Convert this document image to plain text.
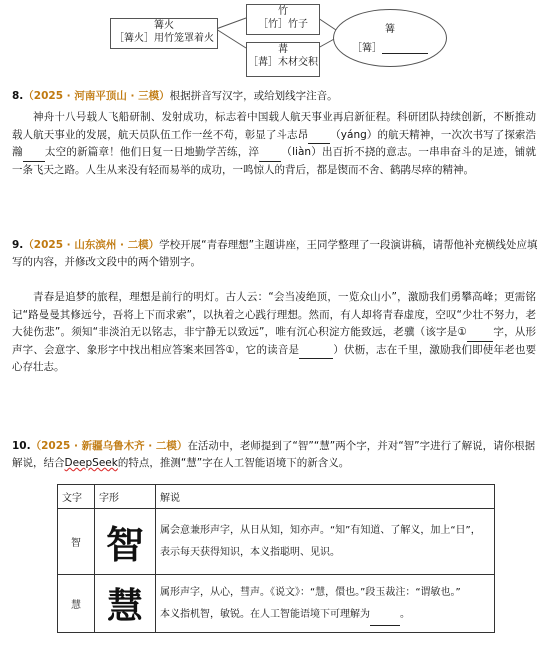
篝火
［篝火］用竹笼罩着火
竹
［竹］竹子
冓
［冓］木材交积
篝
［篝］
8.（2025 · 河南平顶山 · 三模）根据拼音写汉字，或给划线字注音。
神舟十八号载人飞船研制、发射成功，标志着中国载人航天事业再启新征程。科研团队持续创新，不断推动载人航天事业的发展，航天员队伍工作一丝不苟，彰显了斗志昂 （yáng）的航天精神，一次次书写了探索浩瀚 太空的新篇章！他们日复一日地勤学苦练，淬 （liàn）出百折不挠的意志。一串串奋斗的足迹，铺就一条飞天之路。人生从来没有轻而易举的成功，一鸣惊人的背后，都是锲而不舍、鹤鹃尽瘁的精神。
9.（2025 · 山东滨州 · 二模）学校开展“青春理想”主题讲座，王同学整理了一段演讲稿，请帮他补充横线处应填写的内容，并修改文段中的两个错别字。
青春是追梦的旅程，理想是前行的明灯。古人云：“会当凌绝顶，一览众山小”，激励我们勇攀高峰；更需铭记“路曼曼其修远兮，吾将上下而求索”，以执着之心践行理想。然而，有人却将青春虚度，空叹“少壮不努力，老大徒伤悲”。须知“非淡泊无以铭志，非宁静无以致远”，唯有沉心积淀方能致远，老骥（该字是① 字，从形声字、会意字、象形字中找出相应答案来回答①，它的读音是	）伏枥，志在千里，激励我们即使年老也要心存壮志。
10.（2025 · 新疆乌鲁木齐 · 二模）在活动中，老师提到了“智”“慧”两个字，并对“智”字进行了解说，请你根据解说，结合DeepSeek的特点，推测“慧”字在人工智能语境下的新含义。
文字	字形	解说
智	智	属会意兼形声字，从日从知，知亦声。“知”有知道、了解义，加上“日”，
表示每天获得知识，本义指聪明、见识。

慧	慧	属形声字，从心，彗声。《说文》：“慧，儇也。”段玉裁注：“谓敏也。”
本义指机智，敏锐。在人工智能语境下可理解为 。
